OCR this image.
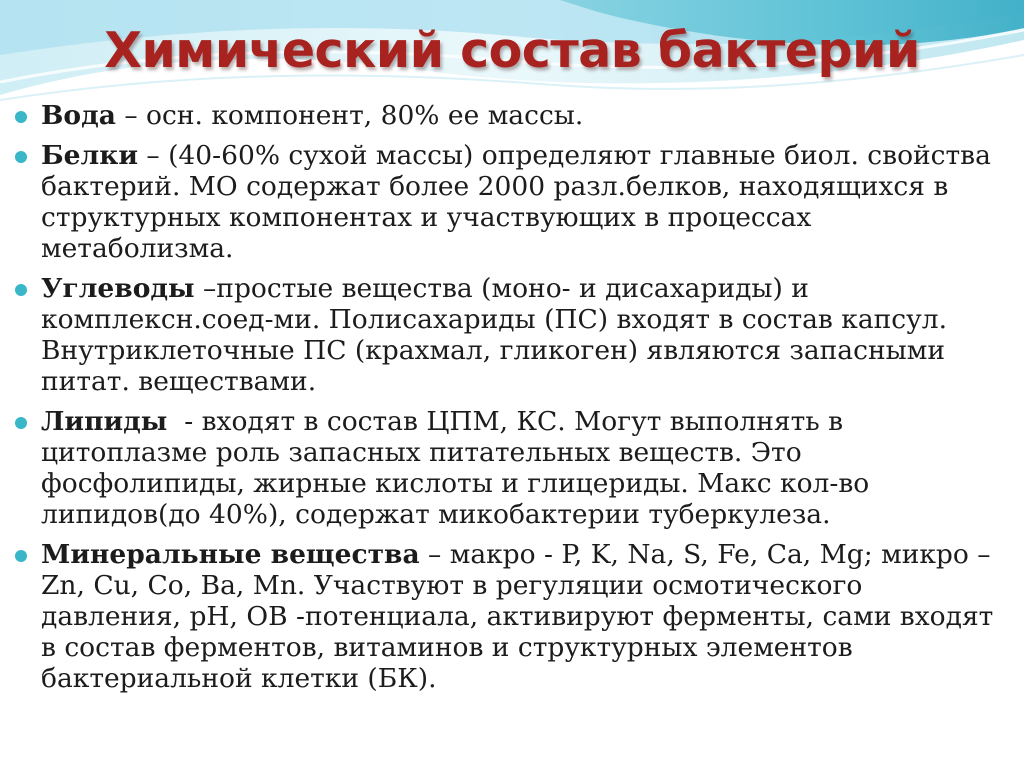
Химический состав бактерий
Вода – осн. компонент, 80% ее массы.
Белки – (40-60% сухой массы) определяют главные биол. свойства бактерий. МО содержат более 2000 разл.белков, находящихся в структурных компонентах и участвующих в процессах метаболизма.
Углеводы –простые вещества (моно- и дисахариды) и комплексн.соед-ми. Полисахариды (ПС) входят в состав капсул. Внутриклеточные ПС (крахмал, гликоген) являются запасными питат. веществами.
Липиды  - входят в состав ЦПМ, КС. Могут выполнять в цитоплазме роль запасных питательных веществ. Это фосфолипиды, жирные кислоты и глицериды. Макс кол-во липидов(до 40%), содержат микобактерии туберкулеза.
Минеральные вещества – макро - P, K, Na, S, Fe, Ca, Mg; микро – Zn, Cu, Co, Ba, Mn. Участвуют в регуляции осмотического давления, pH, ОВ -потенциала, активируют ферменты, сами входят в состав ферментов, витаминов и структурных элементов бактериальной клетки (БК).
